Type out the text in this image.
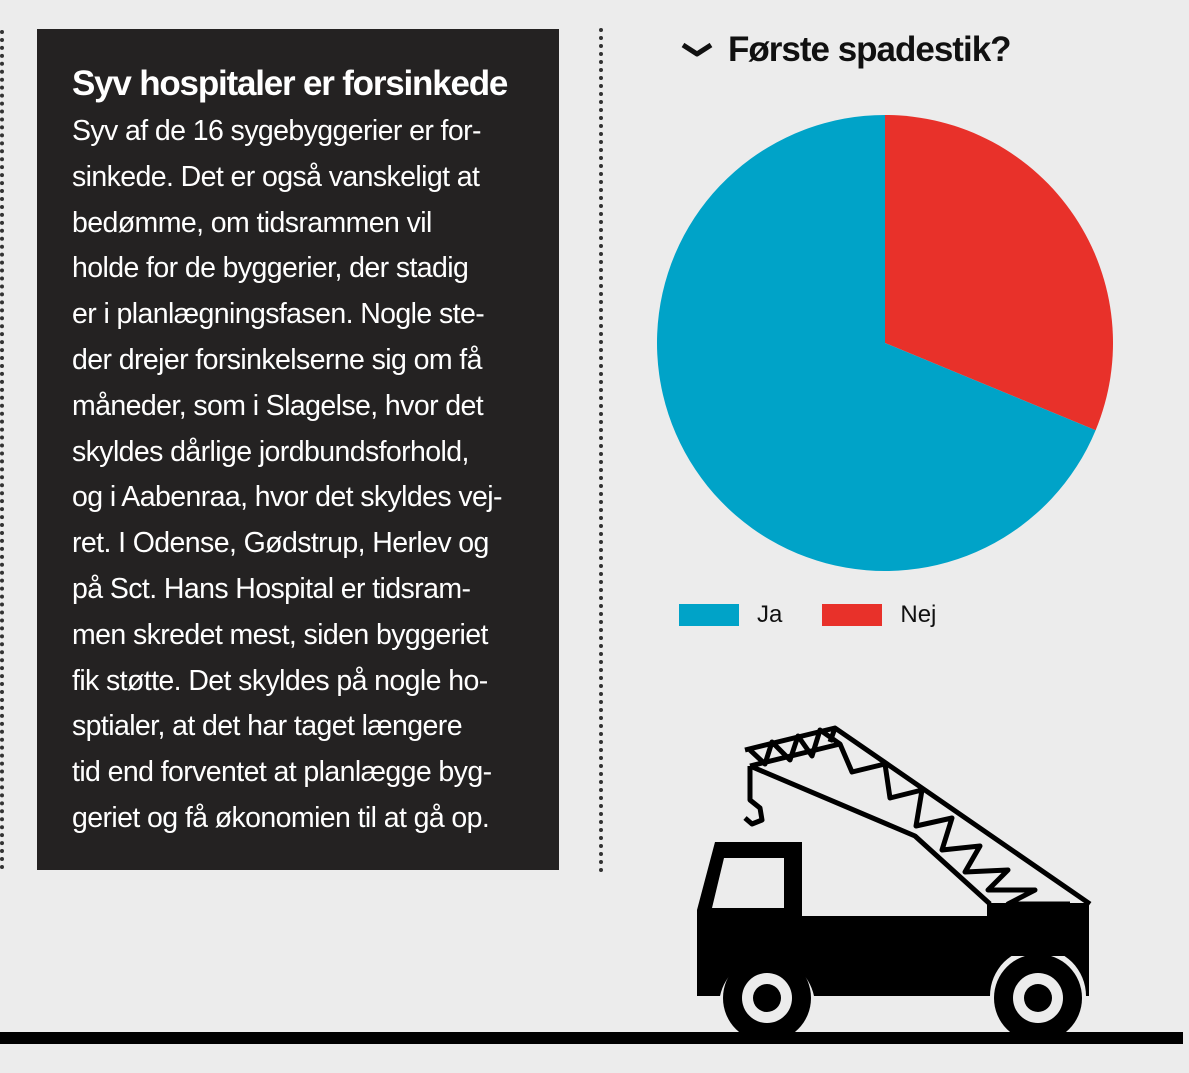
Syv hospitaler er forsinkede
Syv af de 16 sygebyggerier er for-
sinkede. Det er også vanskeligt at
bedømme, om tidsrammen vil
holde for de byggerier, der stadig
er i planlægningsfasen. Nogle ste-
der drejer forsinkelserne sig om få
måneder, som i Slagelse, hvor det
skyldes dårlige jordbundsforhold,
og i Aabenraa, hvor det skyldes vej-
ret. I Odense, Gødstrup, Herlev og
på Sct. Hans Hospital er tidsram-
men skredet mest, siden byggeriet
fik støtte. Det skyldes på nogle ho-
sptialer, at det har taget længere
tid end forventet at planlægge byg-
geriet og få økonomien til at gå op.
Første spadestik?
Ja	Nej
